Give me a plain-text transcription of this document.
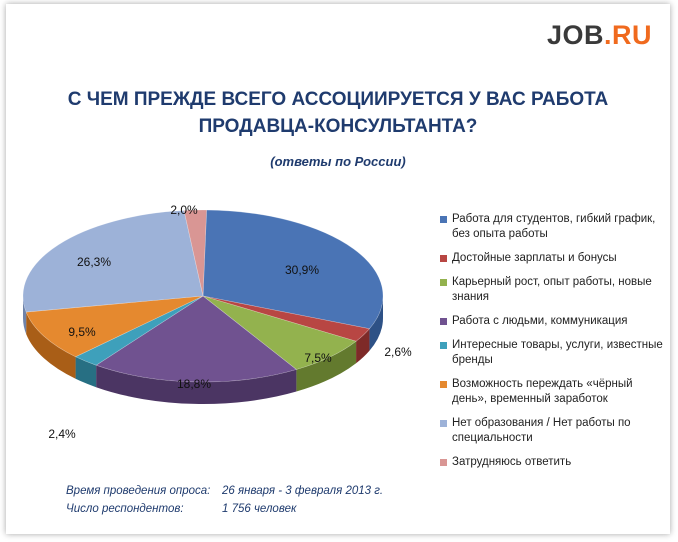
JOB.RU
С ЧЕМ ПРЕЖДЕ ВСЕГО АССОЦИИРУЕТСЯ У ВАС РАБОТА
ПРОДАВЦА-КОНСУЛЬТАНТА?
(ответы по России)
30,9%
2,6%
7,5%
18,8%
2,4%
9,5%
26,3%
2,0%
Работа для студентов, гибкий график, без опыта работы
Достойные зарплаты и бонусы
Карьерный рост, опыт работы, новые знания
Работа с людьми, коммуникация
Интересные товары, услуги, известные бренды
Возможность переждать «чёрный день», временный заработок
Нет образования / Нет работы по специальности
Затрудняюсь ответить
Время проведения опроса: 26 января - 3 февраля 2013 г.
Число респондентов:	1 756 человек
